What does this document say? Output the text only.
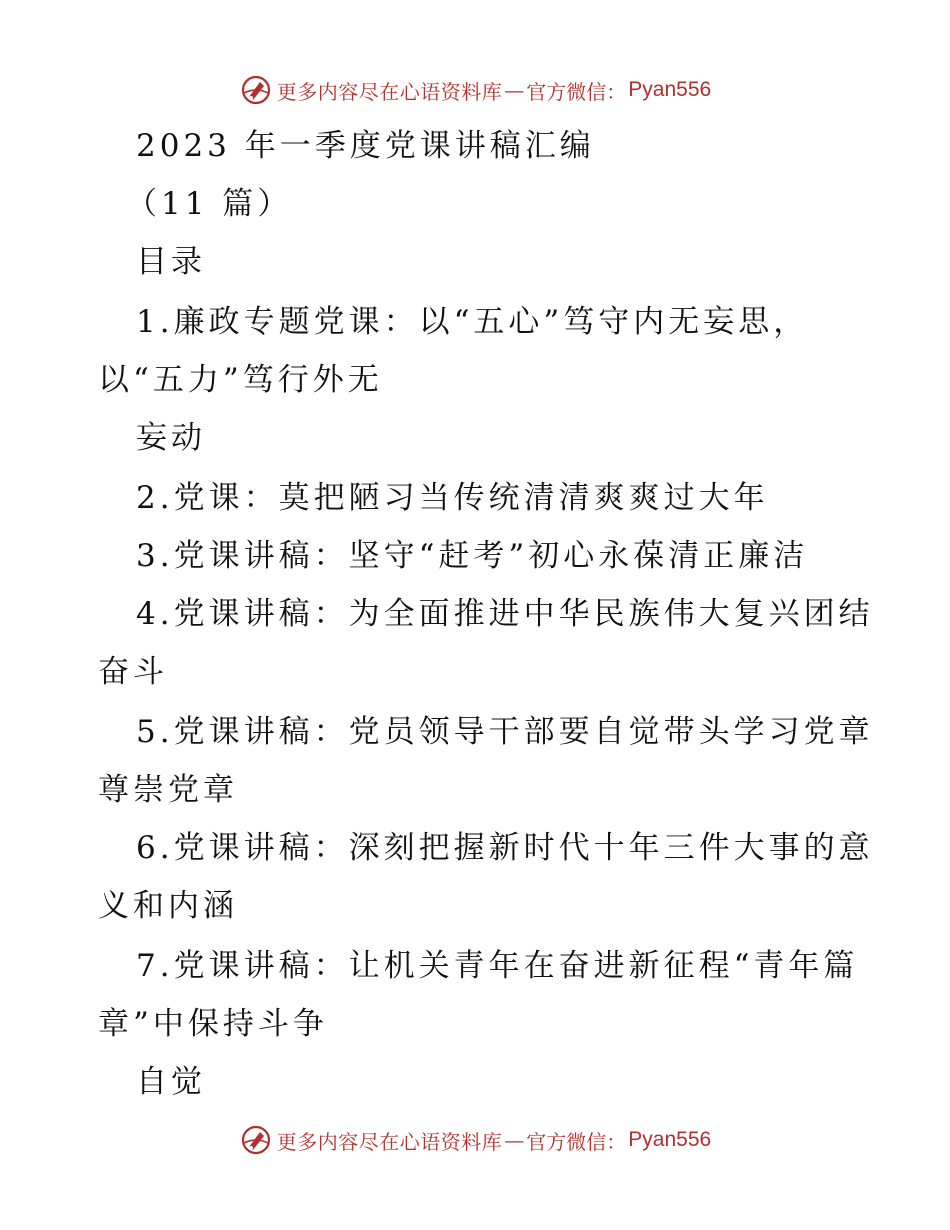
更多内容尽在心语资料库 — 官方微信： Pyan556
2023 年一季度党课讲稿汇编
（11 篇）
目录
1.廉政专题党课：以“五心”笃守内无妄思，
以“五力”笃行外无
妄动
2.党课：莫把陋习当传统清清爽爽过大年
3.党课讲稿：坚守“赶考”初心永葆清正廉洁
4.党课讲稿：为全面推进中华民族伟大复兴团结
奋斗
5.党课讲稿：党员领导干部要自觉带头学习党章
尊崇党章
6.党课讲稿：深刻把握新时代十年三件大事的意
义和内涵
7.党课讲稿：让机关青年在奋进新征程“青年篇
章”中保持斗争
自觉
更多内容尽在心语资料库 — 官方微信： Pyan556
